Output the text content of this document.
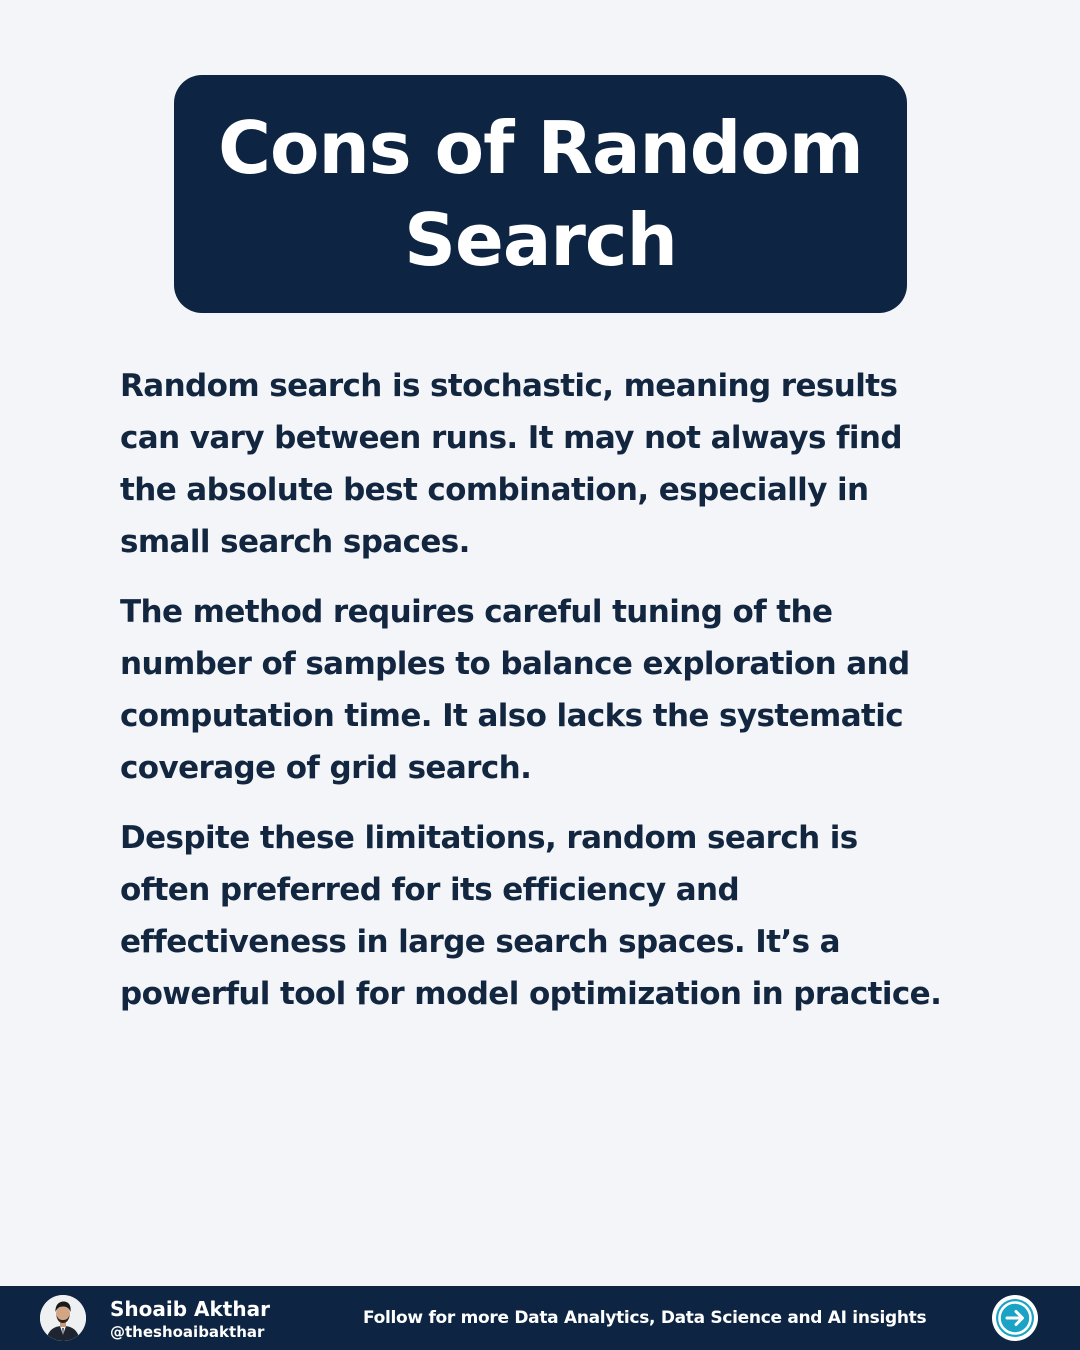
Cons of Random Search

Random search is stochastic, meaning results can vary between runs. It may not always find the absolute best combination, especially in small search spaces.

The method requires careful tuning of the number of samples to balance exploration and computation time. It also lacks the systematic coverage of grid search.

Despite these limitations, random search is often preferred for its efficiency and effectiveness in large search spaces. It’s a powerful tool for model optimization in practice.

Shoaib Akthar
@theshoaibakthar
Follow for more Data Analytics, Data Science and AI insights
